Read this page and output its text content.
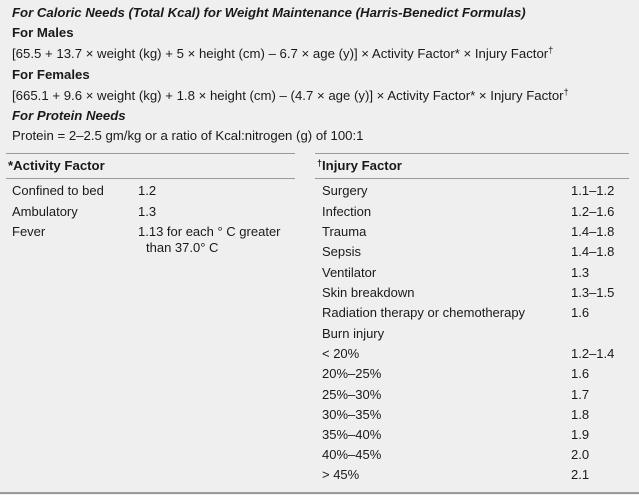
For Caloric Needs (Total Kcal) for Weight Maintenance (Harris-Benedict Formulas)
For Males
[65.5 + 13.7 × weight (kg) + 5 × height (cm) – 6.7 × age (y)] × Activity Factor* × Injury Factor†
For Females
[665.1 + 9.6 × weight (kg) + 1.8 × height (cm) – (4.7 × age (y)] × Activity Factor* × Injury Factor†
For Protein Needs
Protein = 2–2.5 gm/kg or a ratio of Kcal:nitrogen (g) of 100:1
*Activity Factor
Confined to bed	1.2
Ambulatory	1.3
Fever	1.13 for each ° C greater
than 37.0° C
†Injury Factor
Surgery	1.1–1.2
Infection	1.2–1.6
Trauma	1.4–1.8
Sepsis	1.4–1.8
Ventilator	1.3
Skin breakdown	1.3–1.5
Radiation therapy or chemotherapy	1.6
Burn injury
< 20%	1.2–1.4
20%–25%	1.6
25%–30%	1.7
30%–35%	1.8
35%–40%	1.9
40%–45%	2.0
> 45%	2.1
